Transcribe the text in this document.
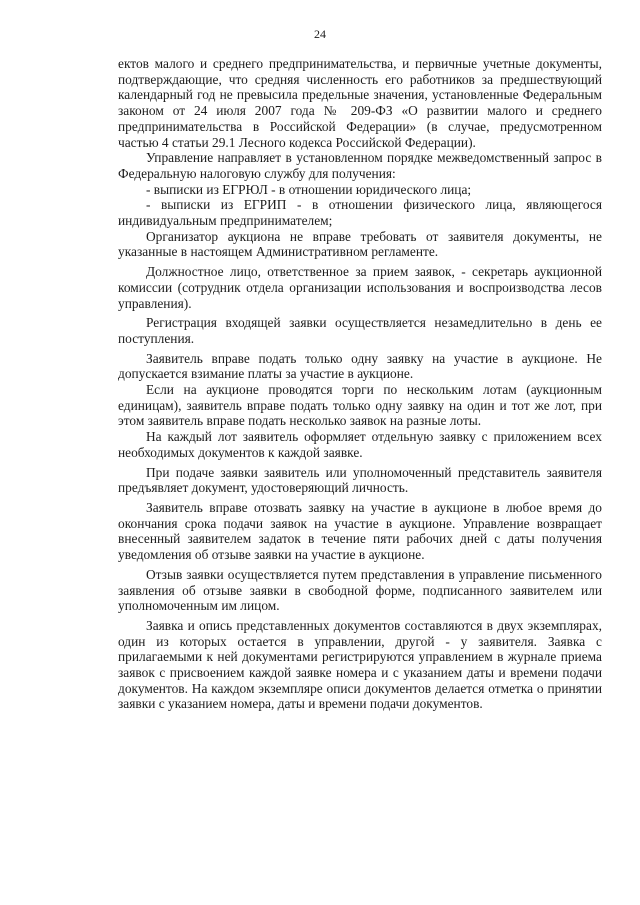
24

ектов малого и среднего предпринимательства, и первичные учетные документы, подтверждающие, что средняя численность его работников за предшествующий календарный год не превысила предельные значения, установленные Федеральным законом от 24 июля 2007 года № 209-ФЗ «О развитии малого и среднего предпринимательства в Российской Федерации» (в случае, предусмотренном частью 4 статьи 29.1 Лесного кодекса Российской Федерации).

Управление направляет в установленном порядке межведомственный запрос в Федеральную налоговую службу для получения:

- выписки из ЕГРЮЛ - в отношении юридического лица;

- выписки из ЕГРИП - в отношении физического лица, являющегося индивидуальным предпринимателем;

Организатор аукциона не вправе требовать от заявителя документы, не указанные в настоящем Административном регламенте.

Должностное лицо, ответственное за прием заявок, - секретарь аукционной комиссии (сотрудник отдела организации использования и воспроизводства лесов управления).

Регистрация входящей заявки осуществляется незамедлительно в день ее поступления.

Заявитель вправе подать только одну заявку на участие в аукционе. Не допускается взимание платы за участие в аукционе.

Если на аукционе проводятся торги по нескольким лотам (аукционным единицам), заявитель вправе подать только одну заявку на один и тот же лот, при этом заявитель вправе подать несколько заявок на разные лоты.

На каждый лот заявитель оформляет отдельную заявку с приложением всех необходимых документов к каждой заявке.

При подаче заявки заявитель или уполномоченный представитель заявителя предъявляет документ, удостоверяющий личность.

Заявитель вправе отозвать заявку на участие в аукционе в любое время до окончания срока подачи заявок на участие в аукционе. Управление возвращает внесенный заявителем задаток в течение пяти рабочих дней с даты получения уведомления об отзыве заявки на участие в аукционе.

Отзыв заявки осуществляется путем представления в управление письменного заявления об отзыве заявки в свободной форме, подписанного заявителем или уполномоченным им лицом.

Заявка и опись представленных документов составляются в двух экземплярах, один из которых остается в управлении, другой - у заявителя. Заявка с прилагаемыми к ней документами регистрируются управлением в журнале приема заявок с присвоением каждой заявке номера и с указанием даты и времени подачи документов. На каждом экземпляре описи документов делается отметка о принятии заявки с указанием номера, даты и времени подачи документов.
